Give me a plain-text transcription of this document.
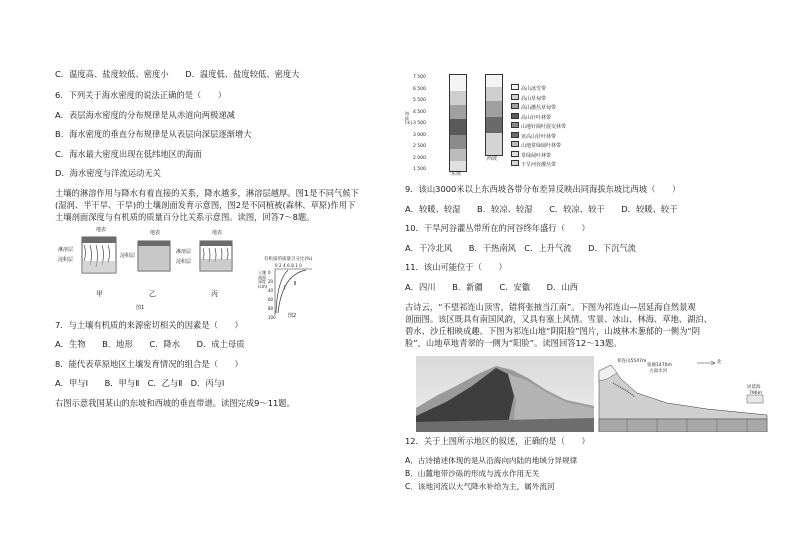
C．温度高、盐度较低、密度小　　D．温度低、盐度较低、密度大
6．下列关于海水密度的说法正确的是（　　）
A．表层海水密度的分布规律是从赤道向两极递减
B．海水密度的垂直分布规律是从表层向深层逐渐增大
C．海水最大密度出现在低纬地区的海面
D．海水密度与洋流运动无关
土壤的淋溶作用与降水有着直接的关系，降水越多，淋溶层越厚。图1是不同气候下
(湿润、半干旱、干旱)的土壤剖面发育示意图，图2是不同植被(森林、草原)作用下
土壤剖面深度与有机质的质量百分比关系示意图。读图，回答7～8题。
地表	地表	地表
淋溶层
淀积层
淀积层
淋溶层
淀积层
甲	乙	丙
图1
有机质的质量百分比(%)
0246810
土壤剖面深度(cm)
0
20
40
60
80
100
Ⅰ
Ⅱ
图2
7．与土壤有机质的来源密切相关的因素是（　　）
A．生物　　B．地形　　C．降水　　D．成土母质
8．能代表草原地区土壤发育情况的组合是（　　）
A．甲与Ⅰ　　B．甲与Ⅱ　C．乙与Ⅱ　D．丙与Ⅰ
右图示意我国某山的东坡和西坡的垂直带谱。读图完成9～11题。
海拔(米)
7 500
6 500
5 500
4 500
3 500
3 000
2 500
2 000
1 500
东坡
西坡
高山冰雪带
高山草甸带
高山灌丛草甸带
高山针叶林带
山地针阔叶混交林带
亚高山针叶林带
山地常绿阔叶林带
常绿阔叶林带
干旱河谷灌丛带
9．该山3000米以上东西坡各带分布差异反映出同海拔东坡比西坡（　　）
A．较暖、较湿　　B．较凉、较湿　　C．较凉、较干　　D．较暖、较干
10．干旱河谷灌丛带所在的河谷终年盛行（　　）
A．干冷北风　　B．干热南风　C．上升气流　　D．下沉气流
11．该山可能位于（　　）
A．四川　　B．新疆　　C．安徽　　D．山西
古诗云，“不望祁连山顶雪，错将张掖当江南”。下图为祁连山—居延海自然景观
剖面图。该区既具有南国风韵，又具有塞上风情。雪景、冰山、林海、草地、湖泊、
碧水、沙丘相映成趣。下图为祁连山地“阴阳脸”图片，山坡林木葱郁的一侧为“阴
脸”，山地草地青翠的一侧为“阳脸”。读图回答12～13题。
祁连山5547m
张掖1470m
古弱水河
北
居延海
796m
12．关于上图所示地区的叙述，正确的是（　　）
A．古诗描述体现的是从沿海向内陆的地域分异规律
B．山麓地带沙砾的形成与流水作用无关
C．该地河流以大气降水补给为主，属外流河
